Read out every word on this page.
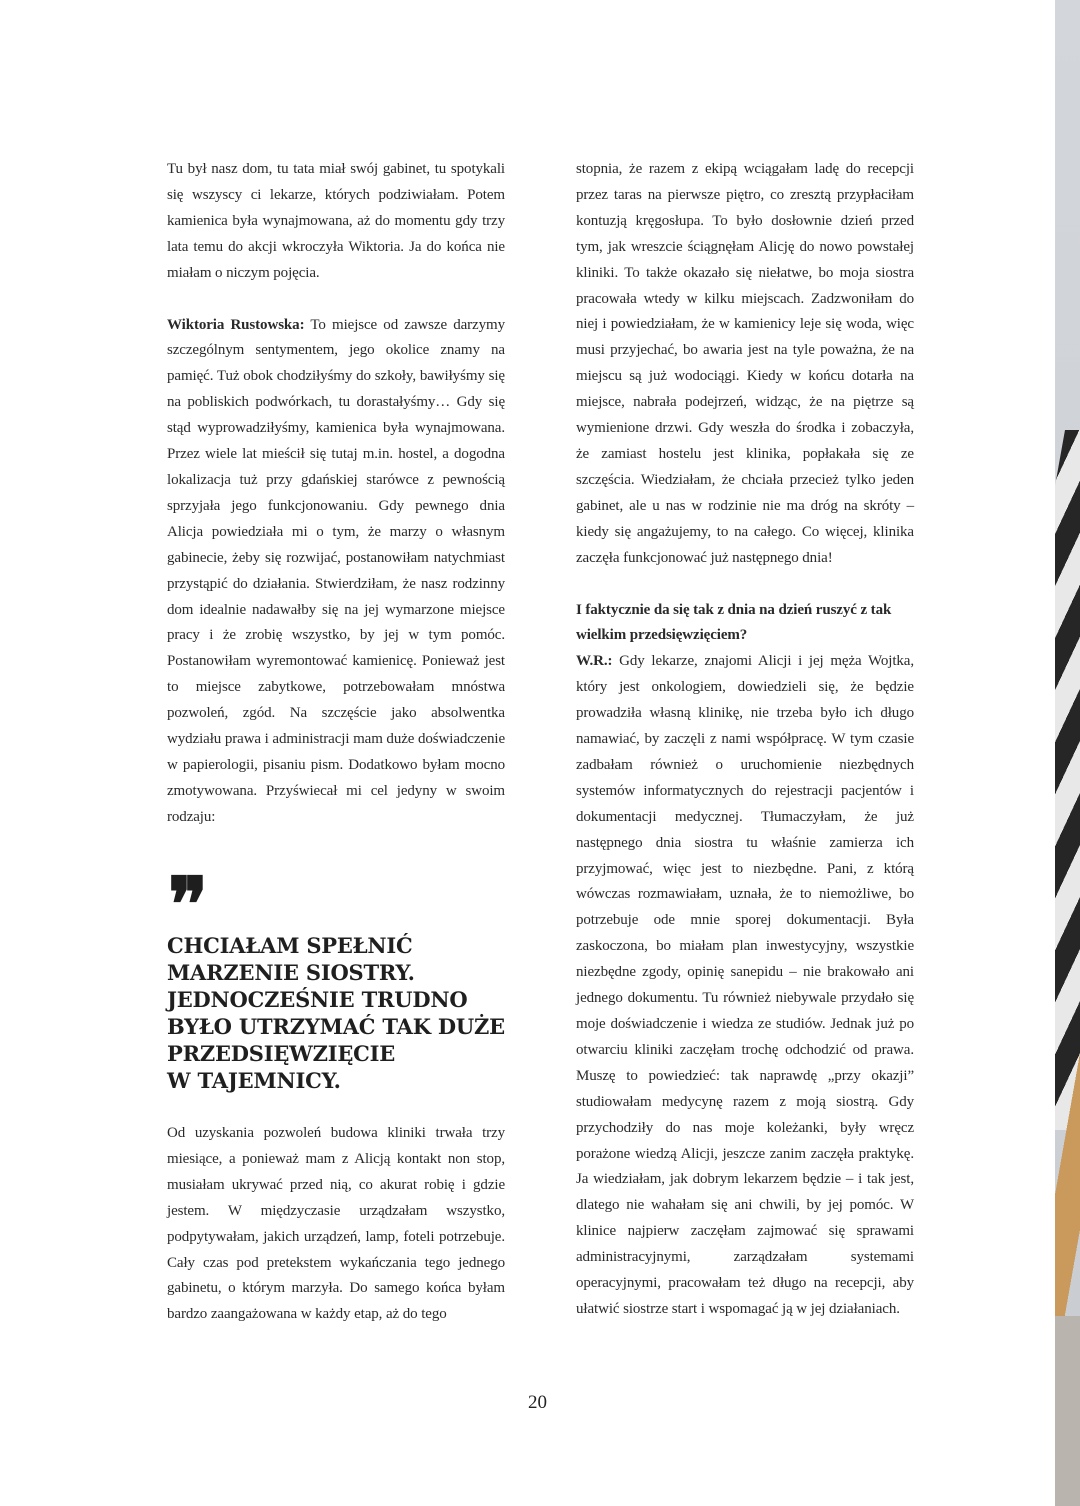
Tu był nasz dom, tu tata miał swój gabinet, tu spotykali się wszyscy ci lekarze, których podziwiałam. Potem kamienica była wynajmowana, aż do momentu gdy trzy lata temu do akcji wkroczyła Wiktoria. Ja do końca nie miałam o niczym pojęcia.

Wiktoria Rustowska: To miejsce od zawsze darzymy szczególnym sentymentem, jego okolice znamy na pamięć. Tuż obok chodziłyśmy do szkoły, bawiłyśmy się na pobliskich podwórkach, tu dorastałyśmy… Gdy się stąd wyprowadziłyśmy, kamienica była wynajmowana. Przez wiele lat mieścił się tutaj m.in. hostel, a dogodna lokalizacja tuż przy gdańskiej starówce z pewnością sprzyjała jego funkcjonowaniu. Gdy pewnego dnia Alicja powiedziała mi o tym, że marzy o własnym gabinecie, żeby się rozwijać, postanowiłam natychmiast przystąpić do działania. Stwierdziłam, że nasz rodzinny dom idealnie nadawałby się na jej wymarzone miejsce pracy i że zrobię wszystko, by jej w tym pomóc. Postanowiłam wyremontować kamienicę. Ponieważ jest to miejsce zabytkowe, potrzebowałam mnóstwa pozwoleń, zgód. Na szczęście jako absolwentka wydziału prawa i administracji mam duże doświadczenie w papierologii, pisaniu pism. Dodatkowo byłam mocno zmotywowana. Przyświecał mi cel jedyny w swoim rodzaju:

❞
CHCIAŁAM SPEŁNIĆ
MARZENIE SIOSTRY.
JEDNOCZEŚNIE TRUDNO
BYŁO UTRZYMAĆ TAK DUŻE
PRZEDSIĘWZIĘCIE
W TAJEMNICY.

Od uzyskania pozwoleń budowa kliniki trwała trzy miesiące, a ponieważ mam z Alicją kontakt non stop, musiałam ukrywać przed nią, co akurat robię i gdzie jestem. W międzyczasie urządzałam wszystko, podpytywałam, jakich urządzeń, lamp, foteli potrzebuje. Cały czas pod pretekstem wykańczania tego jednego gabinetu, o którym marzyła. Do samego końca byłam bardzo zaangażowana w każdy etap, aż do tego

stopnia, że razem z ekipą wciągałam ladę do recepcji przez taras na pierwsze piętro, co zresztą przypłaciłam kontuzją kręgosłupa. To było dosłownie dzień przed tym, jak wreszcie ściągnęłam Alicję do nowo powstałej kliniki. To także okazało się niełatwe, bo moja siostra pracowała wtedy w kilku miejscach. Zadzwoniłam do niej i powiedziałam, że w kamienicy leje się woda, więc musi przyjechać, bo awaria jest na tyle poważna, że na miejscu są już wodociągi. Kiedy w końcu dotarła na miejsce, nabrała podejrzeń, widząc, że na piętrze są wymienione drzwi. Gdy weszła do środka i zobaczyła, że zamiast hostelu jest klinika, popłakała się ze szczęścia. Wiedziałam, że chciała przecież tylko jeden gabinet, ale u nas w rodzinie nie ma dróg na skróty – kiedy się angażujemy, to na całego. Co więcej, klinika zaczęła funkcjonować już następnego dnia!

I faktycznie da się tak z dnia na dzień ruszyć z tak wielkim przedsięwzięciem?

W.R.: Gdy lekarze, znajomi Alicji i jej męża Wojtka, który jest onkologiem, dowiedzieli się, że będzie prowadziła własną klinikę, nie trzeba było ich długo namawiać, by zaczęli z nami współpracę. W tym czasie zadbałam również o uruchomienie niezbędnych systemów informatycznych do rejestracji pacjentów i dokumentacji medycznej. Tłumaczyłam, że już następnego dnia siostra tu właśnie zamierza ich przyjmować, więc jest to niezbędne. Pani, z którą wówczas rozmawiałam, uznała, że to niemożliwe, bo potrzebuje ode mnie sporej dokumentacji. Była zaskoczona, bo miałam plan inwestycyjny, wszystkie niezbędne zgody, opinię sanepidu – nie brakowało ani jednego dokumentu. Tu również niebywale przydało się moje doświadczenie i wiedza ze studiów. Jednak już po otwarciu kliniki zaczęłam trochę odchodzić od prawa. Muszę to powiedzieć: tak naprawdę „przy okazji” studiowałam medycynę razem z moją siostrą. Gdy przychodziły do nas moje koleżanki, były wręcz porażone wiedzą Alicji, jeszcze zanim zaczęła praktykę. Ja wiedziałam, jak dobrym lekarzem będzie – i tak jest, dlatego nie wahałam się ani chwili, by jej pomóc. W klinice najpierw zaczęłam zajmować się sprawami administracyjnymi, zarządzałam systemami operacyjnymi, pracowałam też długo na recepcji, aby ułatwić siostrze start i wspomagać ją w jej działaniach.

20
